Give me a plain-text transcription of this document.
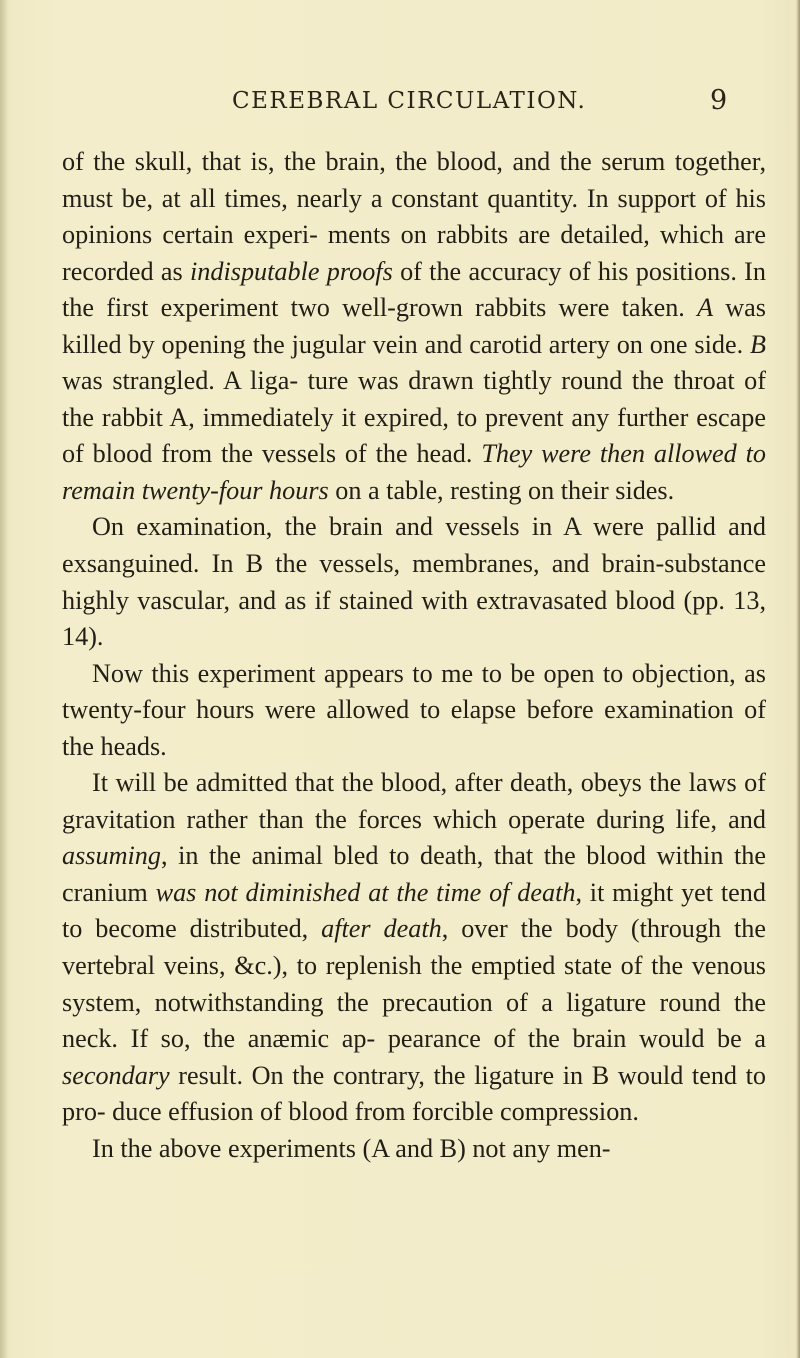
CEREBRAL CIRCULATION.	9

of the skull, that is, the brain, the blood, and the serum together, must be, at all times, nearly a constant quantity. In support of his opinions certain experi- ments on rabbits are detailed, which are recorded as indisputable proofs of the accuracy of his positions. In the first experiment two well-grown rabbits were taken. A was killed by opening the jugular vein and carotid artery on one side. B was strangled. A liga- ture was drawn tightly round the throat of the rabbit A, immediately it expired, to prevent any further escape of blood from the vessels of the head. They were then allowed to remain twenty-four hours on a table, resting on their sides.

On examination, the brain and vessels in A were pallid and exsanguined. In B the vessels, membranes, and brain-substance highly vascular, and as if stained with extravasated blood (pp. 13, 14).

Now this experiment appears to me to be open to objection, as twenty-four hours were allowed to elapse before examination of the heads.

It will be admitted that the blood, after death, obeys the laws of gravitation rather than the forces which operate during life, and assuming, in the animal bled to death, that the blood within the cranium was not diminished at the time of death, it might yet tend to become distributed, after death, over the body (through the vertebral veins, &c.), to replenish the emptied state of the venous system, notwithstanding the precaution of a ligature round the neck. If so, the anæmic ap- pearance of the brain would be a secondary result. On the contrary, the ligature in B would tend to pro- duce effusion of blood from forcible compression.

In the above experiments (A and B) not any men-
